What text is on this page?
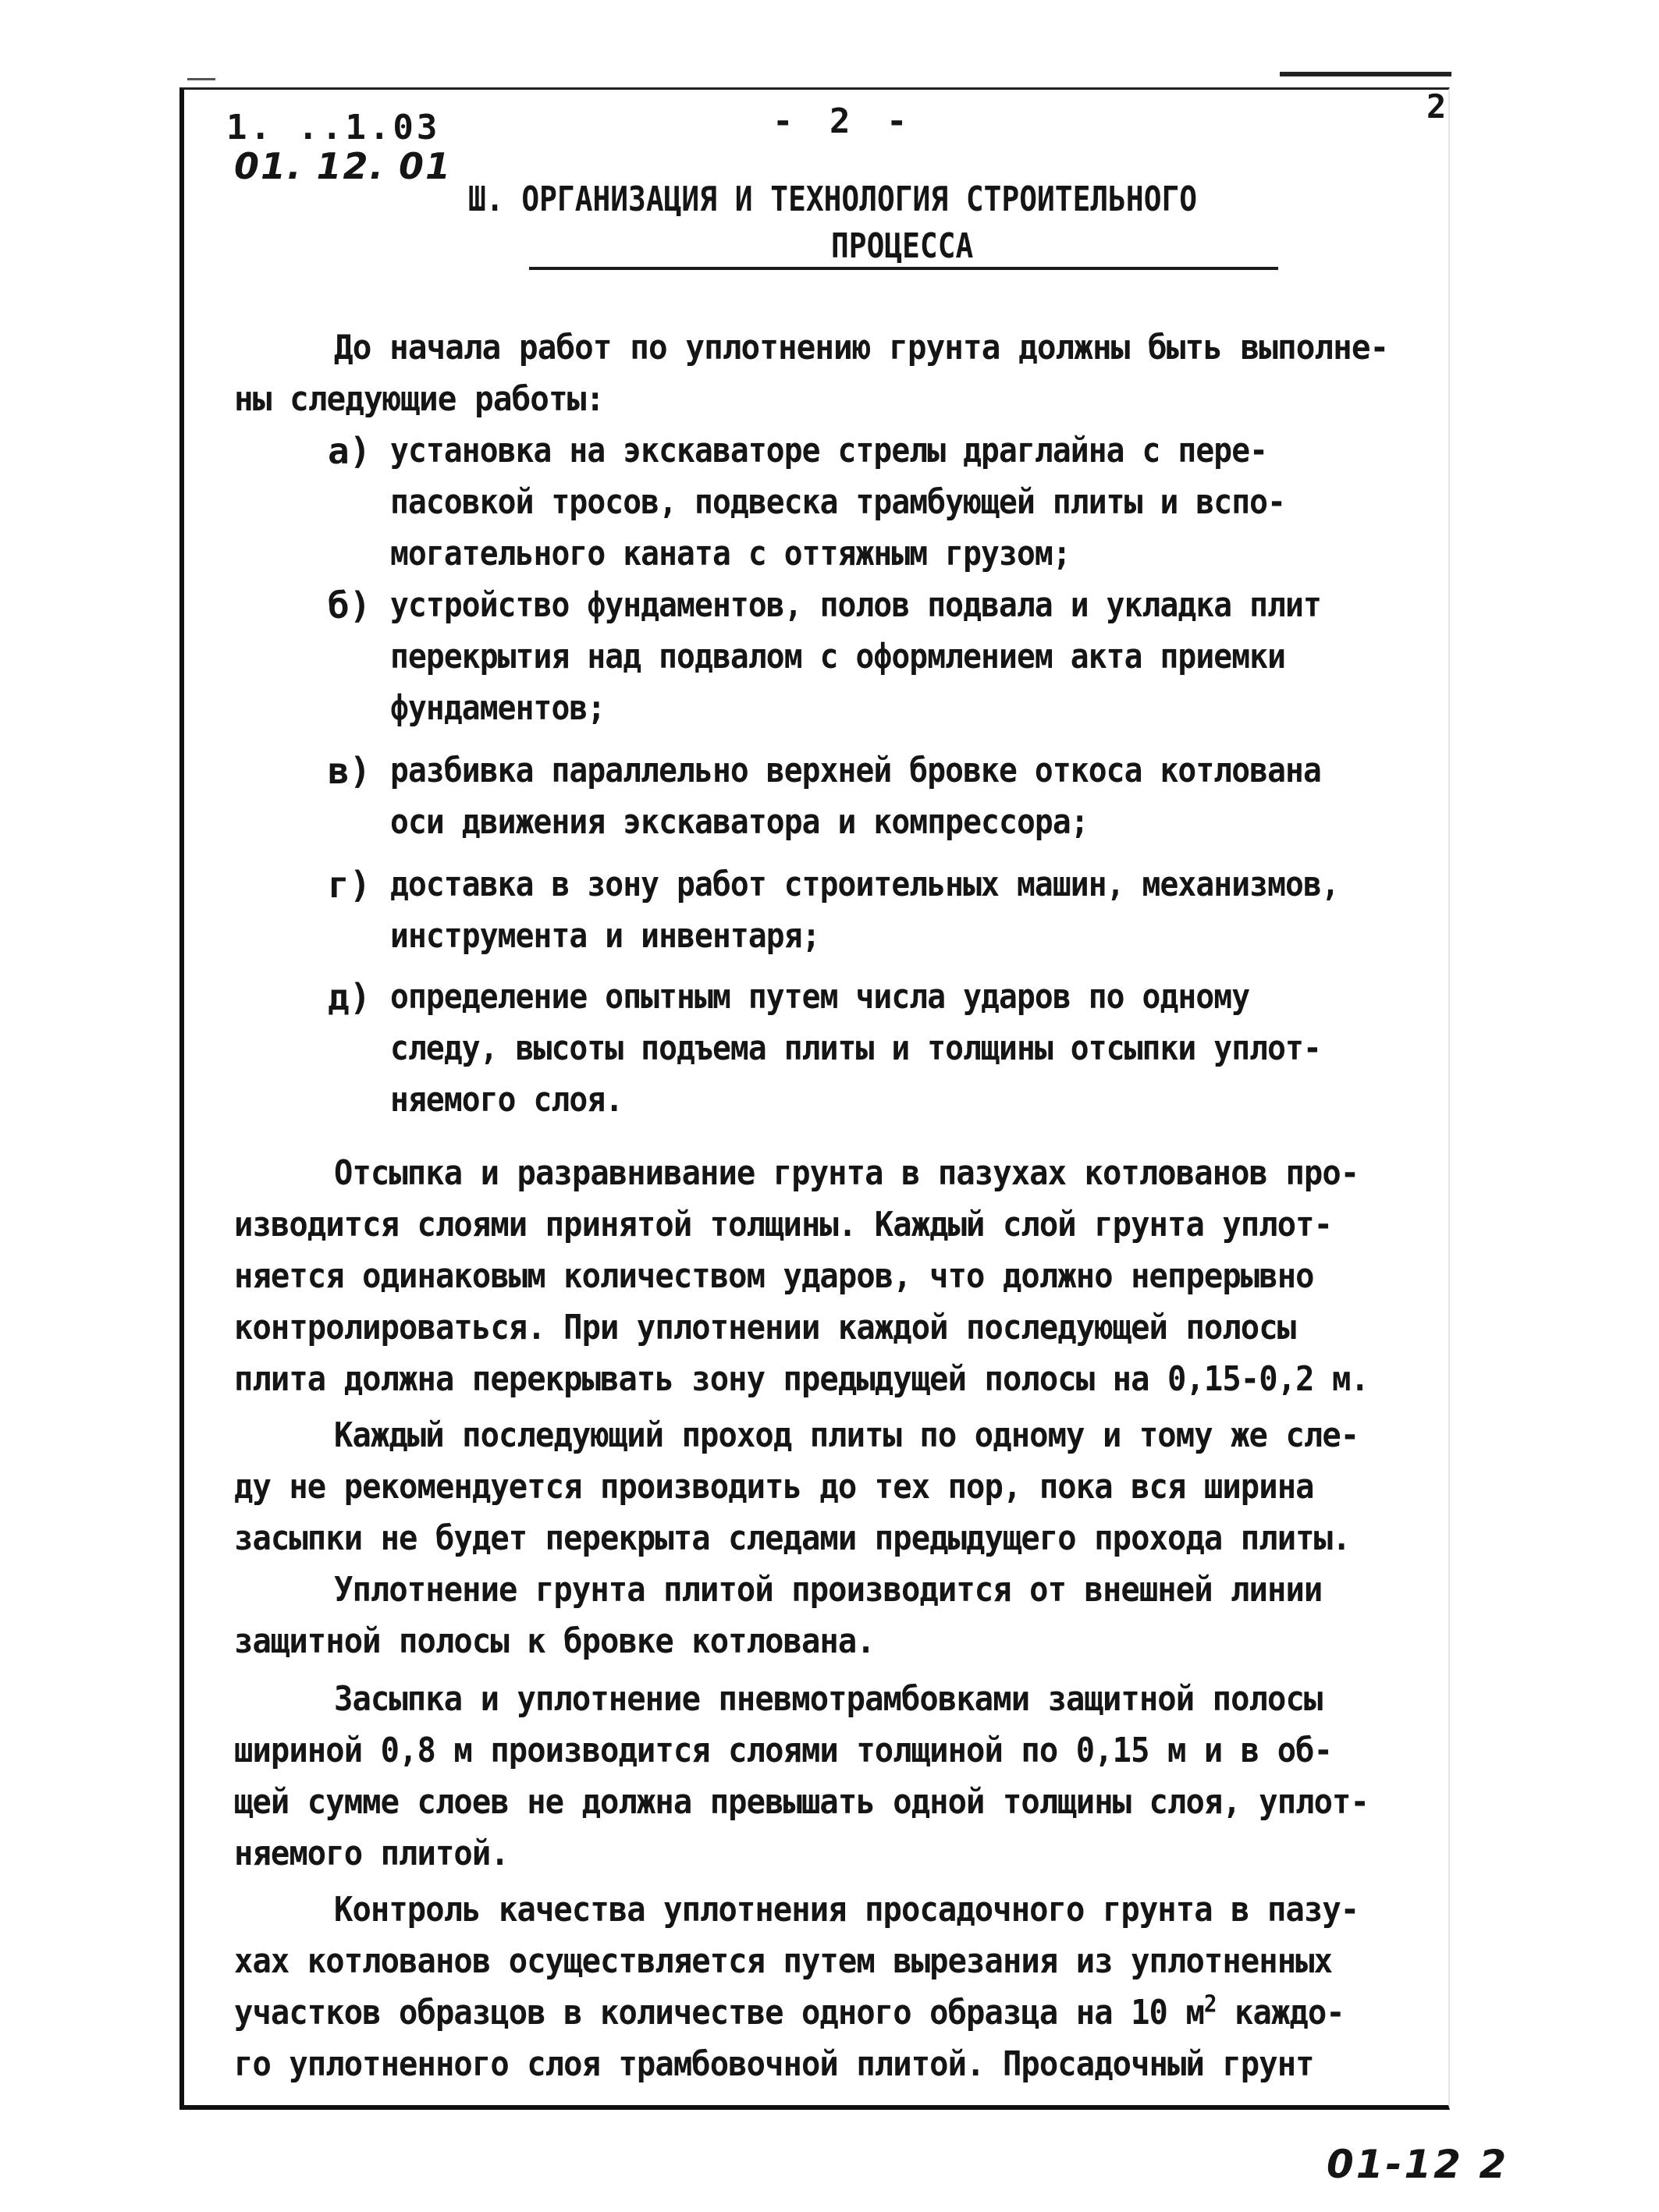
1. ..1.03
01. 12. 01
- 2 -	2
Ш. ОРГАНИЗАЦИЯ И ТЕХНОЛОГИЯ СТРОИТЕЛЬНОГО
ПРОЦЕССА
До начала работ по уплотнению грунта должны быть выполне-
ны следующие работы:
а) установка на экскаваторе стрелы драглайна с пере-
пасовкой тросов, подвеска трамбующей плиты и вспо-
могательного каната с оттяжным грузом;
б) устройство фундаментов, полов подвала и укладка плит
перекрытия над подвалом с оформлением акта приемки
фундаментов;
в) разбивка параллельно верхней бровке откоса котлована
оси движения экскаватора и компрессора;
г) доставка в зону работ строительных машин, механизмов,
инструмента и инвентаря;
д) определение опытным путем числа ударов по одному
следу, высоты подъема плиты и толщины отсыпки уплот-
няемого слоя.
Отсыпка и разравнивание грунта в пазухах котлованов про-
изводится слоями принятой толщины. Каждый слой грунта уплот-
няется одинаковым количеством ударов, что должно непрерывно
контролироваться. При уплотнении каждой последующей полосы
плита должна перекрывать зону предыдущей полосы на 0,15-0,2 м.
Каждый последующий проход плиты по одному и тому же сле-
ду не рекомендуется производить до тех пор, пока вся ширина
засыпки не будет перекрыта следами предыдущего прохода плиты.
Уплотнение грунта плитой производится от внешней линии
защитной полосы к бровке котлована.
Засыпка и уплотнение пневмотрамбовками защитной полосы
шириной 0,8 м производится слоями толщиной по 0,15 м и в об-
щей сумме слоев не должна превышать одной толщины слоя, уплот-
няемого плитой.
Контроль качества уплотнения просадочного грунта в пазу-
хах котлованов осуществляется путем вырезания из уплотненных
участков образцов в количестве одного образца на 10 $м^2$ каждо-
го уплотненного слоя трамбовочной плитой. Просадочный грунт
01-12 2
